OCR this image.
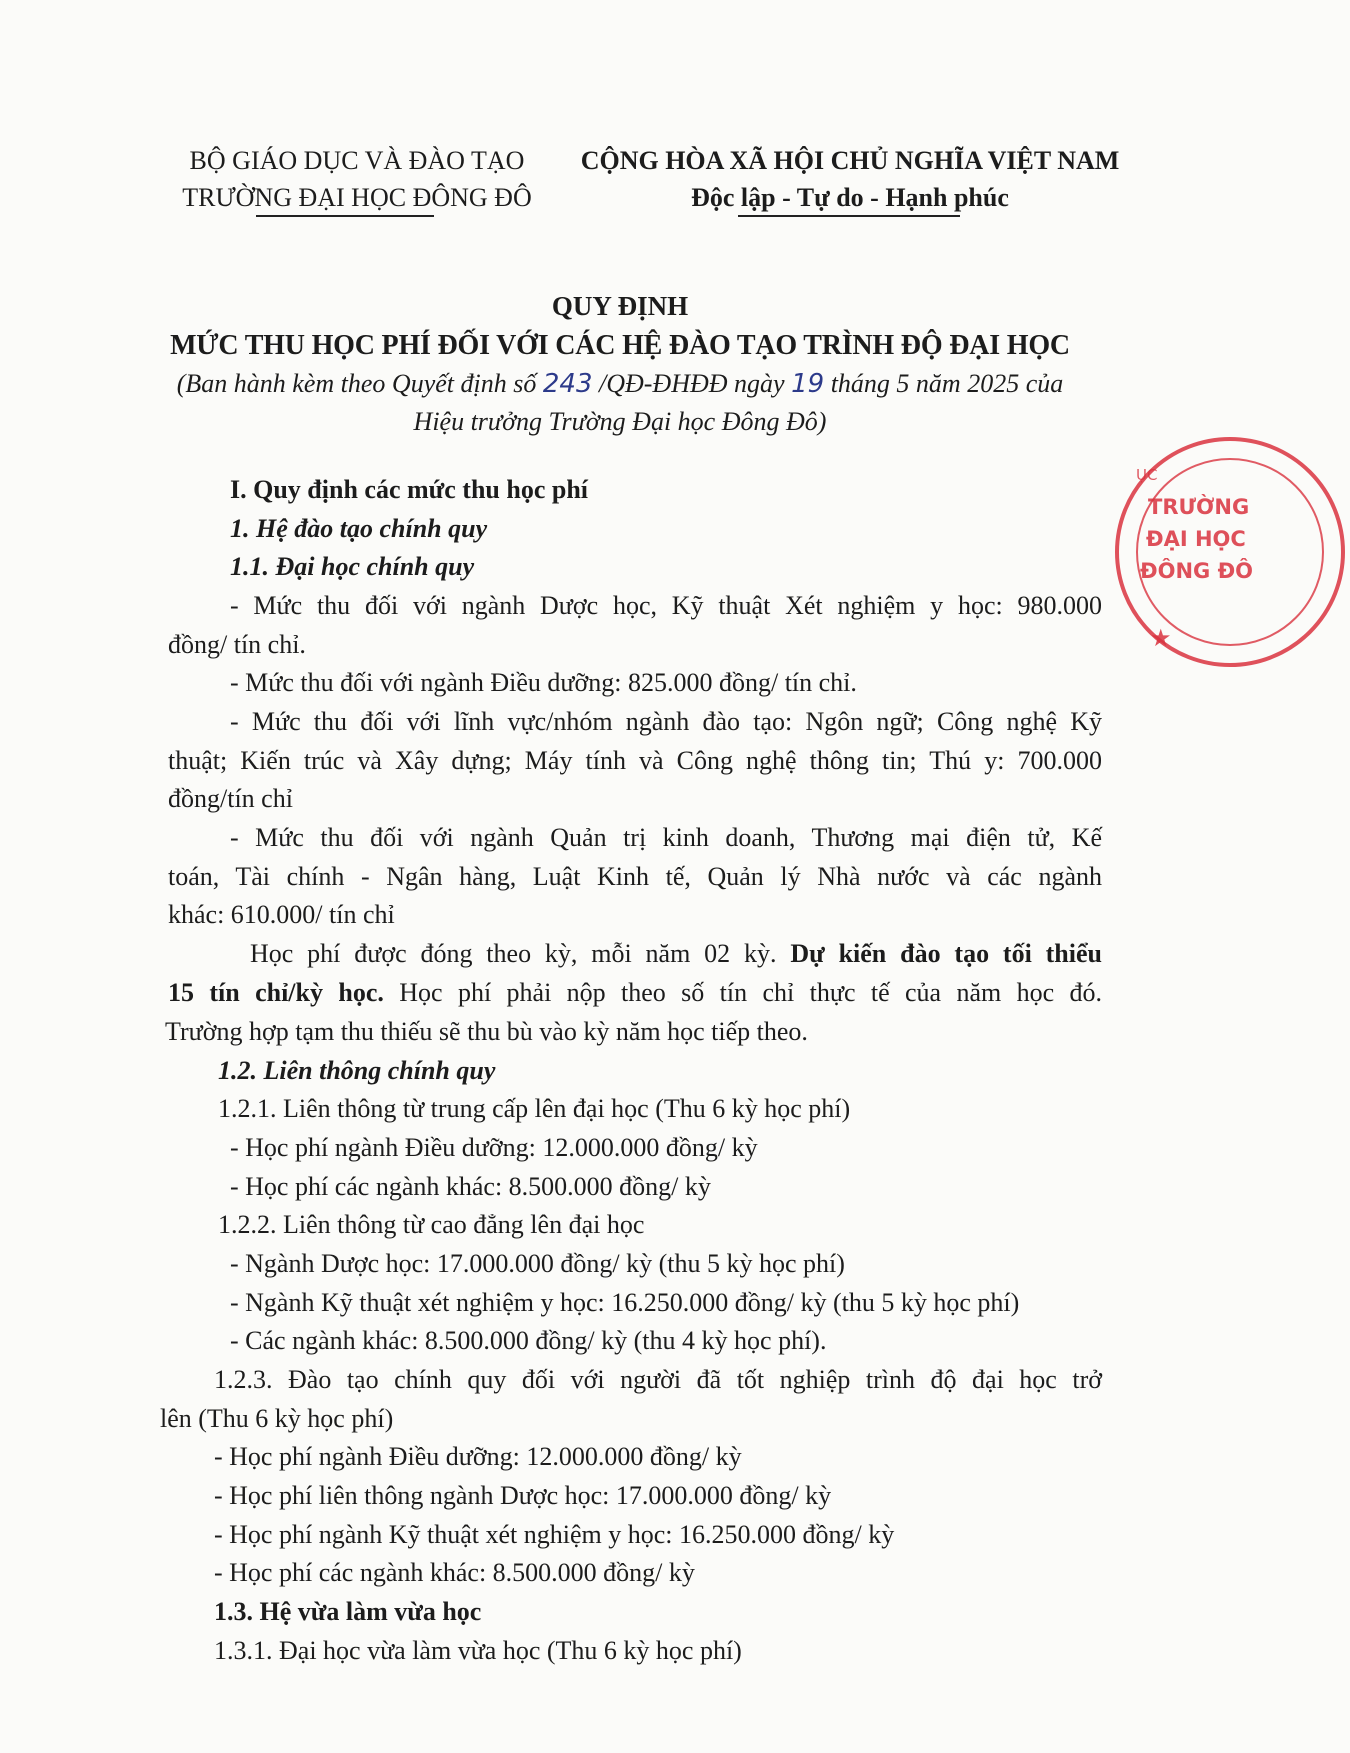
BỘ GIÁO DỤC VÀ ĐÀO TẠO
TRƯỜNG ĐẠI HỌC ĐÔNG ĐÔ
CỘNG HÒA XÃ HỘI CHỦ NGHĨA VIỆT NAM
Độc lập - Tự do - Hạnh phúc
QUY ĐỊNH
MỨC THU HỌC PHÍ ĐỐI VỚI CÁC HỆ ĐÀO TẠO TRÌNH ĐỘ ĐẠI HỌC
(Ban hành kèm theo Quyết định số 243 /QĐ-ĐHĐĐ ngày 19 tháng 5 năm 2025 của
Hiệu trưởng Trường Đại học Đông Đô)
ỤC
★
TRƯỜNG
ĐẠI HỌC
ĐÔNG ĐÔ
I. Quy định các mức thu học phí
1. Hệ đào tạo chính quy
1.1. Đại học chính quy
- Mức thu đối với ngành Dược học, Kỹ thuật Xét nghiệm y học: 980.000
đồng/ tín chỉ.
- Mức thu đối với ngành Điều dưỡng: 825.000 đồng/ tín chỉ.
- Mức thu đối với lĩnh vực/nhóm ngành đào tạo: Ngôn ngữ; Công nghệ Kỹ
thuật; Kiến trúc và Xây dựng; Máy tính và Công nghệ thông tin; Thú y: 700.000
đồng/tín chỉ
- Mức thu đối với ngành Quản trị kinh doanh, Thương mại điện tử, Kế
toán, Tài chính - Ngân hàng, Luật Kinh tế, Quản lý Nhà nước và các ngành
khác: 610.000/ tín chỉ
Học phí được đóng theo kỳ, mỗi năm 02 kỳ. Dự kiến đào tạo tối thiểu
15 tín chỉ/kỳ học. Học phí phải nộp theo số tín chỉ thực tế của năm học đó.
Trường hợp tạm thu thiếu sẽ thu bù vào kỳ năm học tiếp theo.
1.2. Liên thông chính quy
1.2.1. Liên thông từ trung cấp lên đại học (Thu 6 kỳ học phí)
- Học phí ngành Điều dưỡng: 12.000.000 đồng/ kỳ
- Học phí các ngành khác: 8.500.000 đồng/ kỳ
1.2.2. Liên thông từ cao đẳng lên đại học
- Ngành Dược học: 17.000.000 đồng/ kỳ (thu 5 kỳ học phí)
- Ngành Kỹ thuật xét nghiệm y học: 16.250.000 đồng/ kỳ (thu 5 kỳ học phí)
- Các ngành khác: 8.500.000 đồng/ kỳ (thu 4 kỳ học phí).
1.2.3. Đào tạo chính quy đối với người đã tốt nghiệp trình độ đại học trở
lên (Thu 6 kỳ học phí)
- Học phí ngành Điều dưỡng: 12.000.000 đồng/ kỳ
- Học phí liên thông ngành Dược học: 17.000.000 đồng/ kỳ
- Học phí ngành Kỹ thuật xét nghiệm y học: 16.250.000 đồng/ kỳ
- Học phí các ngành khác: 8.500.000 đồng/ kỳ
1.3. Hệ vừa làm vừa học
1.3.1. Đại học vừa làm vừa học (Thu 6 kỳ học phí)
